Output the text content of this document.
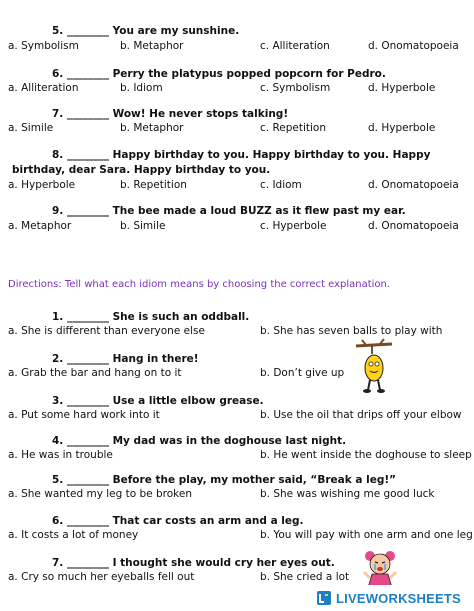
5. ________ You are my sunshine.
a. Symbolism	b. Metaphor	c. Alliteration	d. Onomatopoeia
6. ________ Perry the platypus popped popcorn for Pedro.
a. Alliteration	b. Idiom	c. Symbolism	d. Hyperbole
7. ________ Wow! He never stops talking!
a. Simile	b. Metaphor	c. Repetition	d. Hyperbole
8. ________ Happy birthday to you. Happy birthday to you. Happy birthday, dear Sara. Happy birthday to you.
a. Hyperbole	b. Repetition	c. Idiom	d. Onomatopoeia
9. ________ The bee made a loud BUZZ as it flew past my ear.
a. Metaphor	b. Simile	c. Hyperbole	d. Onomatopoeia
Directions: Tell what each idiom means by choosing the correct explanation.
1. ________ She is such an oddball.
a. She is different than everyone else	b. She has seven balls to play with
2. ________ Hang in there!
a. Grab the bar and hang on to it	b. Don’t give up
3. ________ Use a little elbow grease.
a. Put some hard work into it	b. Use the oil that drips off your elbow
4. ________ My dad was in the doghouse last night.
a. He was in trouble	b. He went inside the doghouse to sleep
5. ________ Before the play, my mother said, “Break a leg!”
a. She wanted my leg to be broken	b. She was wishing me good luck
6. ________ That car costs an arm and a leg.
a. It costs a lot of money	b. You will pay with one arm and one leg
7. ________ I thought she would cry her eyes out.
a. Cry so much her eyeballs fell out	b. She cried a lot
LIVEWORKSHEETS
